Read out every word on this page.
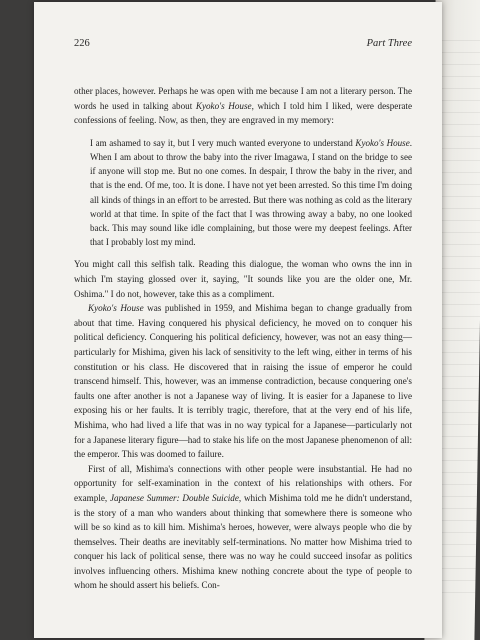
226	Part Three

other places, however. Perhaps he was open with me because I am not a literary person. The words he used in talking about Kyoko's House, which I told him I liked, were desperate confessions of feeling. Now, as then, they are engraved in my memory:

I am ashamed to say it, but I very much wanted everyone to understand Kyoko's House. When I am about to throw the baby into the river Imagawa, I stand on the bridge to see if anyone will stop me. But no one comes. In despair, I throw the baby in the river, and that is the end. Of me, too. It is done. I have not yet been arrested. So this time I'm doing all kinds of things in an effort to be arrested. But there was nothing as cold as the literary world at that time. In spite of the fact that I was throwing away a baby, no one looked back. This may sound like idle complaining, but those were my deepest feelings. After that I probably lost my mind.

You might call this selfish talk. Reading this dialogue, the woman who owns the inn in which I'm staying glossed over it, saying, "It sounds like you are the older one, Mr. Oshima." I do not, however, take this as a compliment.

Kyoko's House was published in 1959, and Mishima began to change gradually from about that time. Having conquered his physical deficiency, he moved on to conquer his political deficiency. Conquering his political deficiency, however, was not an easy thing—particularly for Mishima, given his lack of sensitivity to the left wing, either in terms of his constitution or his class. He discovered that in raising the issue of emperor he could transcend himself. This, however, was an immense contradiction, because conquering one's faults one after another is not a Japanese way of living. It is easier for a Japanese to live exposing his or her faults. It is terribly tragic, therefore, that at the very end of his life, Mishima, who had lived a life that was in no way typical for a Japanese—particularly not for a Japanese literary figure—had to stake his life on the most Japanese phenomenon of all: the emperor. This was doomed to failure.

First of all, Mishima's connections with other people were insubstantial. He had no opportunity for self-examination in the context of his relationships with others. For example, Japanese Summer: Double Suicide, which Mishima told me he didn't understand, is the story of a man who wanders about thinking that somewhere there is someone who will be so kind as to kill him. Mishima's heroes, however, were always people who die by themselves. Their deaths are inevitably self-terminations. No matter how Mishima tried to conquer his lack of political sense, there was no way he could succeed insofar as politics involves influencing others. Mishima knew nothing concrete about the type of people to whom he should assert his beliefs. Con-
